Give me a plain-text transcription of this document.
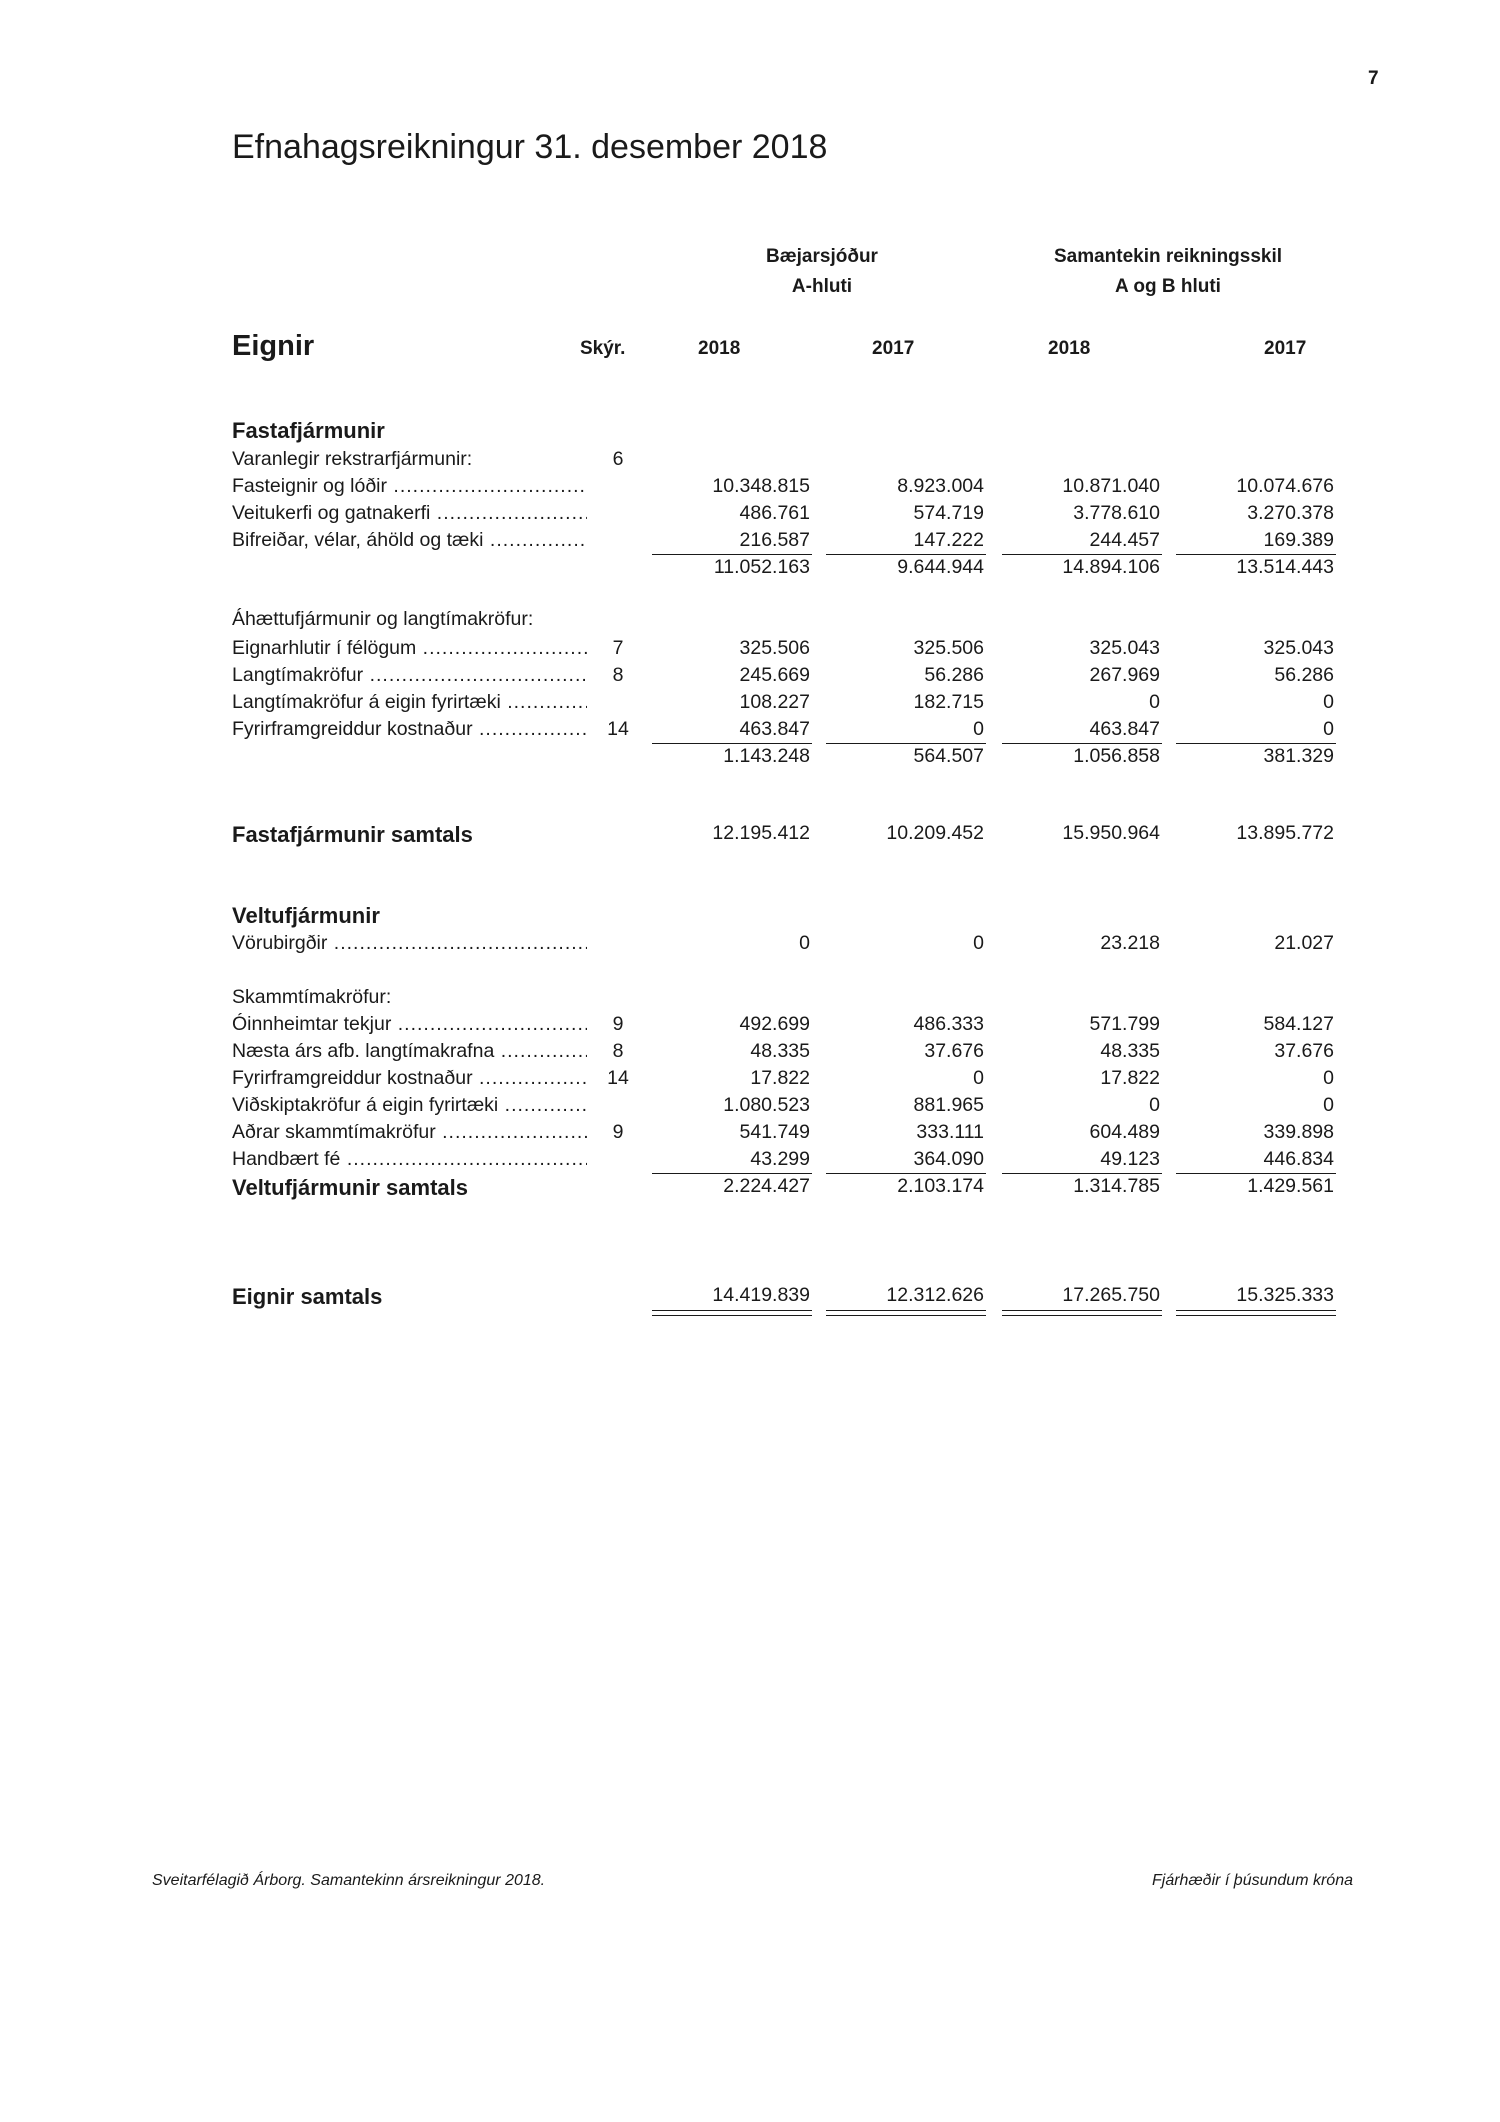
7
Efnahagsreikningur 31. desember 2018
Bæjarsjóður
A-hluti
Samantekin reikningsskil
A og B hluti
Eignir	Skýr.	2018	2017	2018	2017
Fastafjármunir
Varanlegir rekstrarfjármunir:	6
Fasteignir og lóðir .....	10.348.815	8.923.004	10.871.040	10.074.676
Veitukerfi og gatnakerfi .....	486.761	574.719	3.778.610	3.270.378
Bifreiðar, vélar, áhöld og tæki .....	216.587	147.222	244.457	169.389
11.052.163	9.644.944	14.894.106	13.514.443
Áhættufjármunir og langtímakröfur:
Eignarhlutir í félögum .....	7	325.506	325.506	325.043	325.043
Langtímakröfur .....	8	245.669	56.286	267.969	56.286
Langtímakröfur á eigin fyrirtæki .....	108.227	182.715	0	0
Fyrirframgreiddur kostnaður .....	14	463.847	0	463.847	0
1.143.248	564.507	1.056.858	381.329
Fastafjármunir samtals	12.195.412	10.209.452	15.950.964	13.895.772
Veltufjármunir
Vörubirgðir .....	0	0	23.218	21.027
Skammtímakröfur:
Óinnheimtar tekjur .....	9	492.699	486.333	571.799	584.127
Næsta árs afb. langtímakrafna .....	8	48.335	37.676	48.335	37.676
Fyrirframgreiddur kostnaður .....	14	17.822	0	17.822	0
Viðskiptakröfur á eigin fyrirtæki .....	1.080.523	881.965	0	0
Aðrar skammtímakröfur .....	9	541.749	333.111	604.489	339.898
Handbært fé .....	43.299	364.090	49.123	446.834
Veltufjármunir samtals	2.224.427	2.103.174	1.314.785	1.429.561
Eignir samtals	14.419.839	12.312.626	17.265.750	15.325.333
Sveitarfélagið Árborg. Samantekinn ársreikningur 2018.	Fjárhæðir í þúsundum króna
